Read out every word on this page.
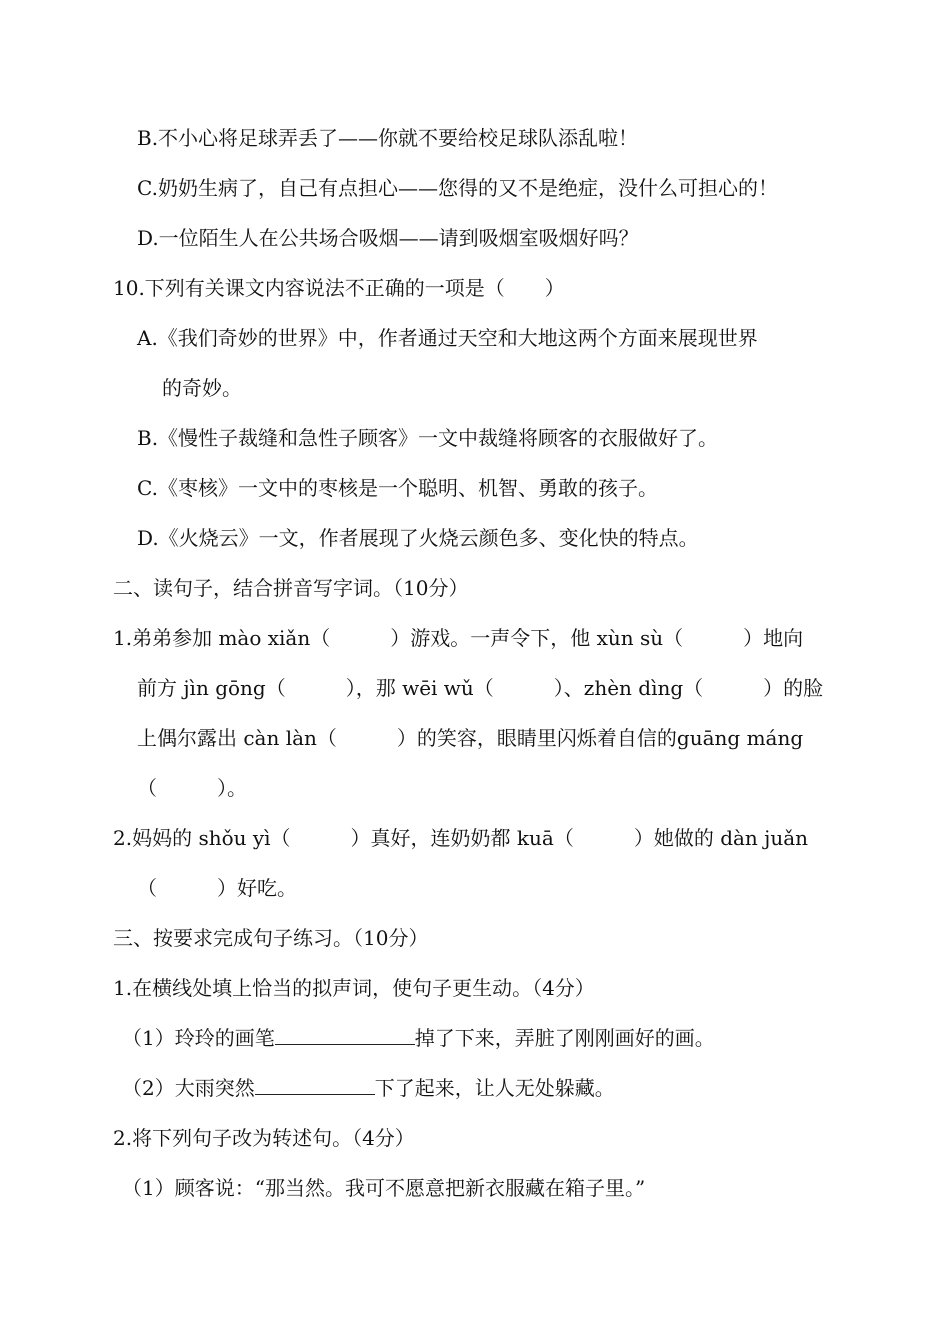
B.不小心将足球弄丢了——你就不要给校足球队添乱啦！
C.奶奶生病了，自己有点担心——您得的又不是绝症，没什么可担心的！
D.一位陌生人在公共场合吸烟——请到吸烟室吸烟好吗？
10.下列有关课文内容说法不正确的一项是（　　）
A.《我们奇妙的世界》中，作者通过天空和大地这两个方面来展现世界
的奇妙。
B.《慢性子裁缝和急性子顾客》一文中裁缝将顾客的衣服做好了。
C.《枣核》一文中的枣核是一个聪明、机智、勇敢的孩子。
D.《火烧云》一文，作者展现了火烧云颜色多、变化快的特点。
二、读句子，结合拼音写字词。（10分）
1.弟弟参加 mào xiǎn（　　　）游戏。一声令下，他 xùn sù（　　　）地向
前方 jìn gōng（　　　），那 wēi wǔ（　　　）、zhèn dìng（　　　）的脸
上偶尔露出 càn làn（　　　）的笑容，眼睛里闪烁着自信的guāng máng
（　　　）。
2.妈妈的 shǒu yì（　　　）真好，连奶奶都 kuā（　　　）她做的 dàn juǎn
（　　　）好吃。
三、按要求完成句子练习。（10分）
1.在横线处填上恰当的拟声词，使句子更生动。（4分）
（1）玲玲的画笔	掉了下来，弄脏了刚刚画好的画。
（2）大雨突然	下了起来，让人无处躲藏。
2.将下列句子改为转述句。（4分）
（1）顾客说：“那当然。我可不愿意把新衣服藏在箱子里。”
